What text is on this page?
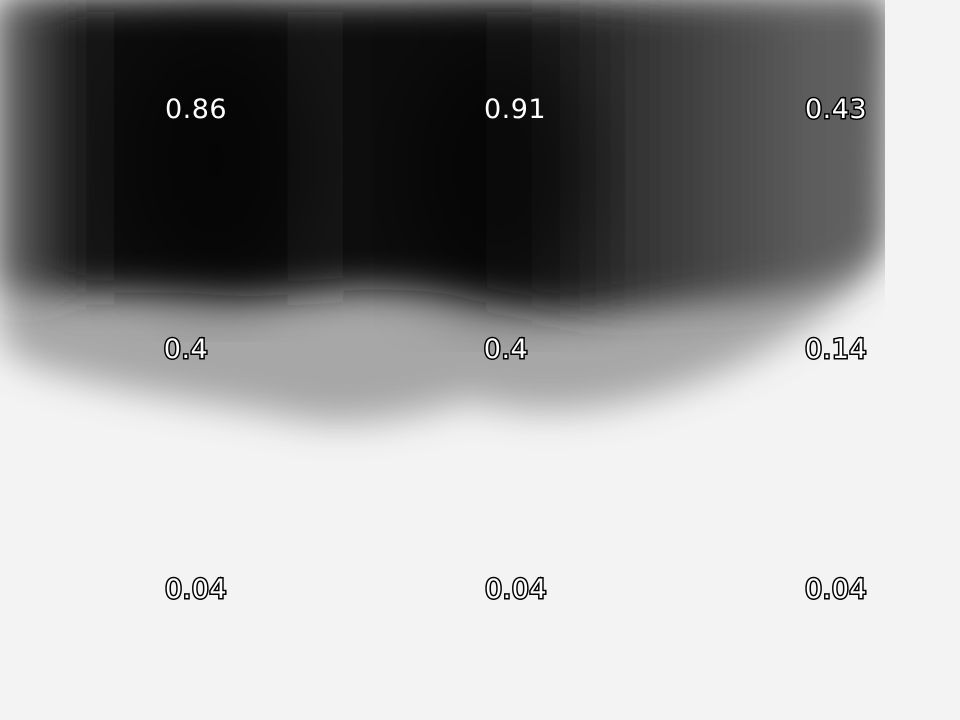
0.86	0.91	0.43
0.4	0.4	0.14
0.04	0.04	0.04
